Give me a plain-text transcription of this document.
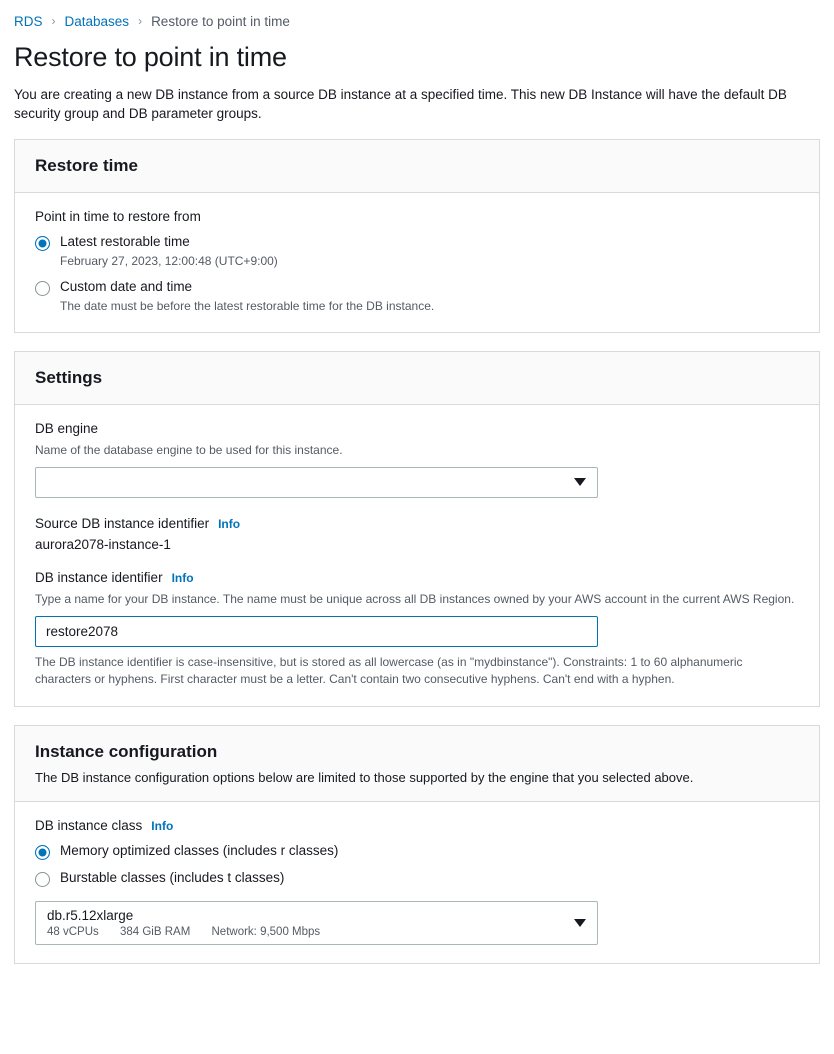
RDS › Databases › Restore to point in time
Restore to point in time

You are creating a new DB instance from a source DB instance at a specified time. This new DB Instance will have the default DB security group and DB parameter groups.

Restore time
Point in time to restore from
Latest restorable time
February 27, 2023, 12:00:48 (UTC+9:00)
Custom date and time
The date must be before the latest restorable time for the DB instance.
Settings
DB engine

Name of the database engine to be used for this instance.

Source DB instance identifier Info

aurora2078-instance-1

DB instance identifier Info

Type a name for your DB instance. The name must be unique across all DB instances owned by your AWS account in the current AWS Region.

restore2078

The DB instance identifier is case-insensitive, but is stored as all lowercase (as in "mydbinstance"). Constraints: 1 to 60 alphanumeric characters or hyphens. First character must be a letter. Can't contain two consecutive hyphens. Can't end with a hyphen.

Instance configuration

The DB instance configuration options below are limited to those supported by the engine that you selected above.

DB instance class Info
Memory optimized classes (includes r classes)
Burstable classes (includes t classes)
db.r5.12xlarge
48 vCPUs 384 GiB RAM Network: 9,500 Mbps
